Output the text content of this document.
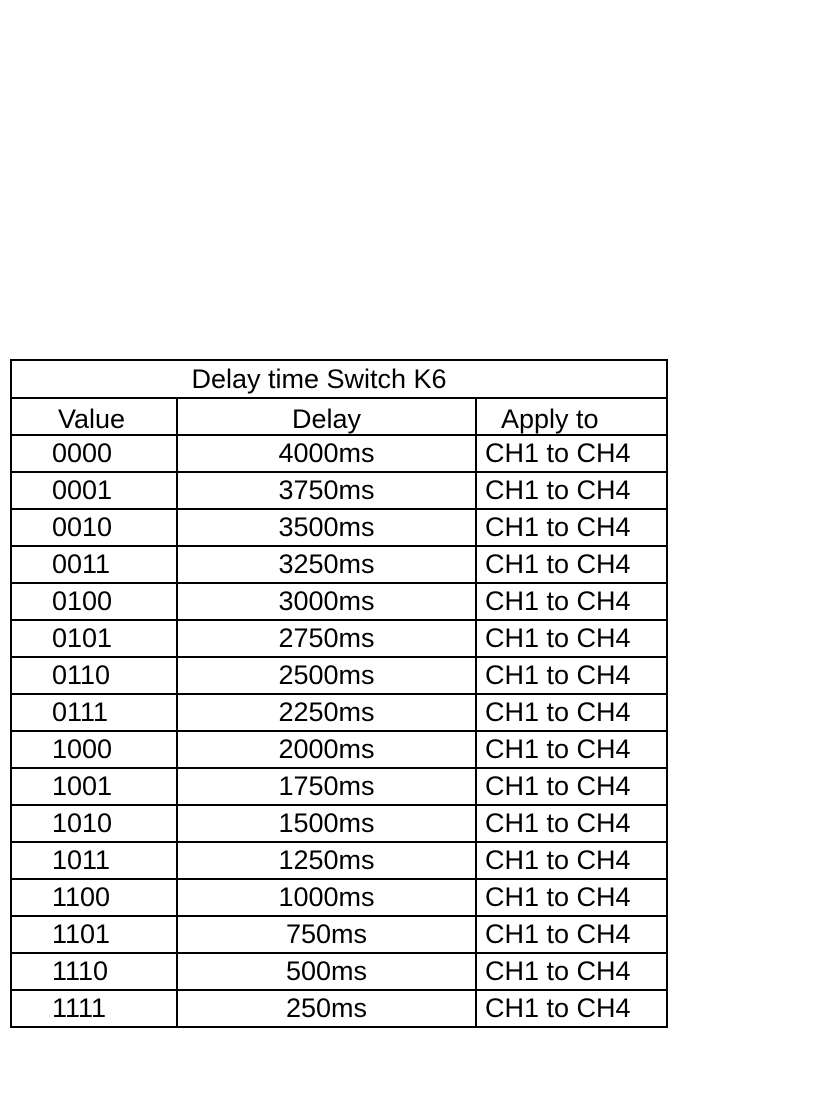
Delay time Switch K6		
Value	Delay	Apply to
0000	4000ms	CH1 to CH4
0001	3750ms	CH1 to CH4
0010	3500ms	CH1 to CH4
0011	3250ms	CH1 to CH4
0100	3000ms	CH1 to CH4
0101	2750ms	CH1 to CH4
0110	2500ms	CH1 to CH4
0111	2250ms	CH1 to CH4
1000	2000ms	CH1 to CH4
1001	1750ms	CH1 to CH4
1010	1500ms	CH1 to CH4
1011	1250ms	CH1 to CH4
1100	1000ms	CH1 to CH4
1101	750ms	CH1 to CH4
1110	500ms	CH1 to CH4
1111	250ms	CH1 to CH4
